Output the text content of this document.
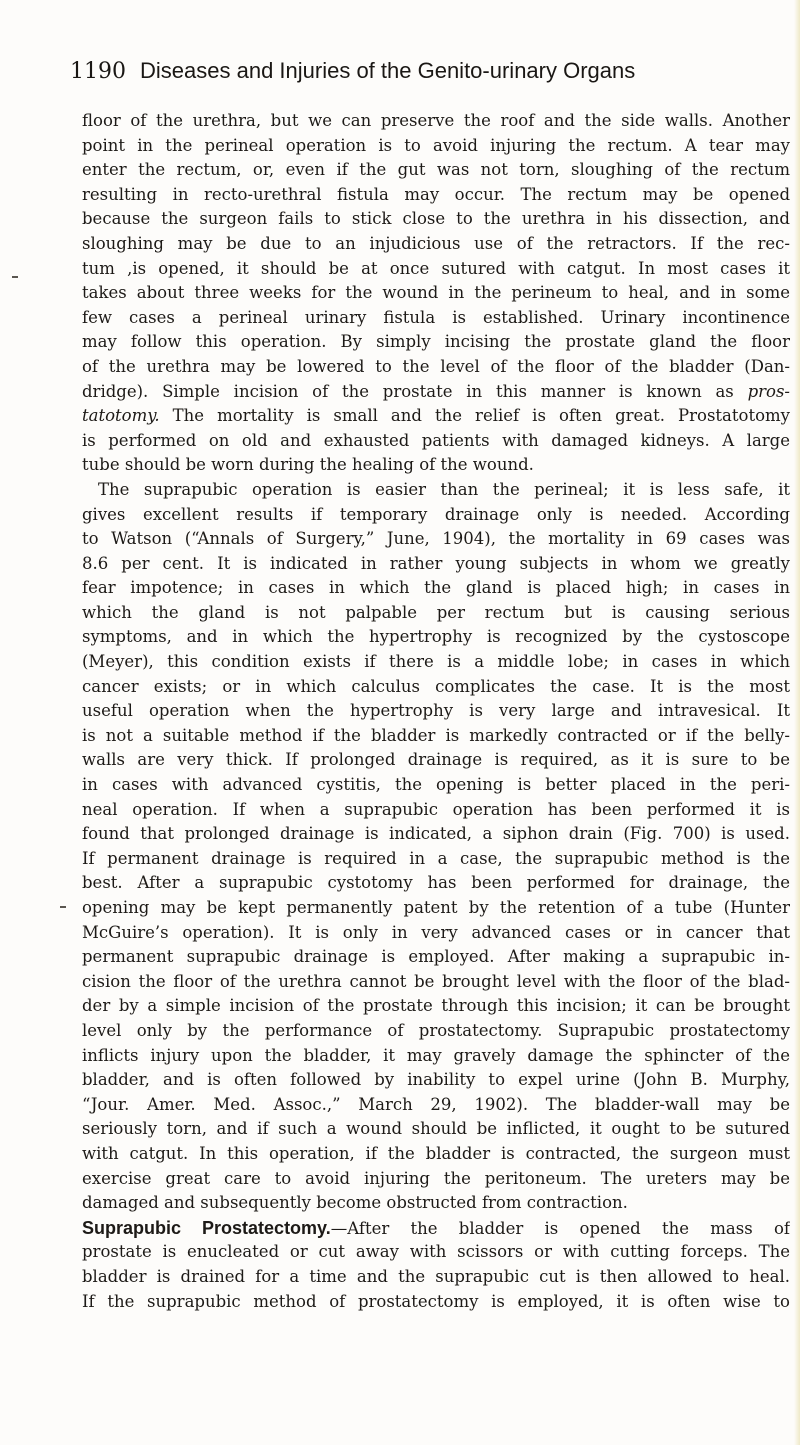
1190 Diseases and Injuries of the Genito-urinary Organs
floor of the urethra, but we can preserve the roof and the side walls. Another
point in the perineal operation is to avoid injuring the rectum. A tear may
enter the rectum, or, even if the gut was not torn, sloughing of the rectum
resulting in recto-urethral fistula may occur. The rectum may be opened
because the surgeon fails to stick close to the urethra in his dissection, and
sloughing may be due to an injudicious use of the retractors. If the rec-
tum ,is opened, it should be at once sutured with catgut. In most cases it
takes about three weeks for the wound in the perineum to heal, and in some
few cases a perineal urinary fistula is established. Urinary incontinence
may follow this operation. By simply incising the prostate gland the floor
of the urethra may be lowered to the level of the floor of the bladder (Dan-
dridge). Simple incision of the prostate in this manner is known as pros-
tatotomy. The mortality is small and the relief is often great. Prostatotomy
is performed on old and exhausted patients with damaged kidneys. A large
tube should be worn during the healing of the wound.
The suprapubic operation is easier than the perineal; it is less safe, it
gives excellent results if temporary drainage only is needed. According
to Watson (“Annals of Surgery,” June, 1904), the mortality in 69 cases was
8.6 per cent. It is indicated in rather young subjects in whom we greatly
fear impotence; in cases in which the gland is placed high; in cases in
which the gland is not palpable per rectum but is causing serious
symptoms, and in which the hypertrophy is recognized by the cystoscope
(Meyer), this condition exists if there is a middle lobe; in cases in which
cancer exists; or in which calculus complicates the case. It is the most
useful operation when the hypertrophy is very large and intravesical. It
is not a suitable method if the bladder is markedly contracted or if the belly-
walls are very thick. If prolonged drainage is required, as it is sure to be
in cases with advanced cystitis, the opening is better placed in the peri-
neal operation. If when a suprapubic operation has been performed it is
found that prolonged drainage is indicated, a siphon drain (Fig. 700) is used.
If permanent drainage is required in a case, the suprapubic method is the
best. After a suprapubic cystotomy has been performed for drainage, the
opening may be kept permanently patent by the retention of a tube (Hunter
McGuire’s operation). It is only in very advanced cases or in cancer that
permanent suprapubic drainage is employed. After making a suprapubic in-
cision the floor of the urethra cannot be brought level with the floor of the blad-
der by a simple incision of the prostate through this incision; it can be brought
level only by the performance of prostatectomy. Suprapubic prostatectomy
inflicts injury upon the bladder, it may gravely damage the sphincter of the
bladder, and is often followed by inability to expel urine (John B. Murphy,
“Jour. Amer. Med. Assoc.,” March 29, 1902). The bladder-wall may be
seriously torn, and if such a wound should be inflicted, it ought to be sutured
with catgut. In this operation, if the bladder is contracted, the surgeon must
exercise great care to avoid injuring the peritoneum. The ureters may be
damaged and subsequently become obstructed from contraction.
Suprapubic Prostatectomy.—After the bladder is opened the mass of
prostate is enucleated or cut away with scissors or with cutting forceps. The
bladder is drained for a time and the suprapubic cut is then allowed to heal.
If the suprapubic method of prostatectomy is employed, it is often wise to
